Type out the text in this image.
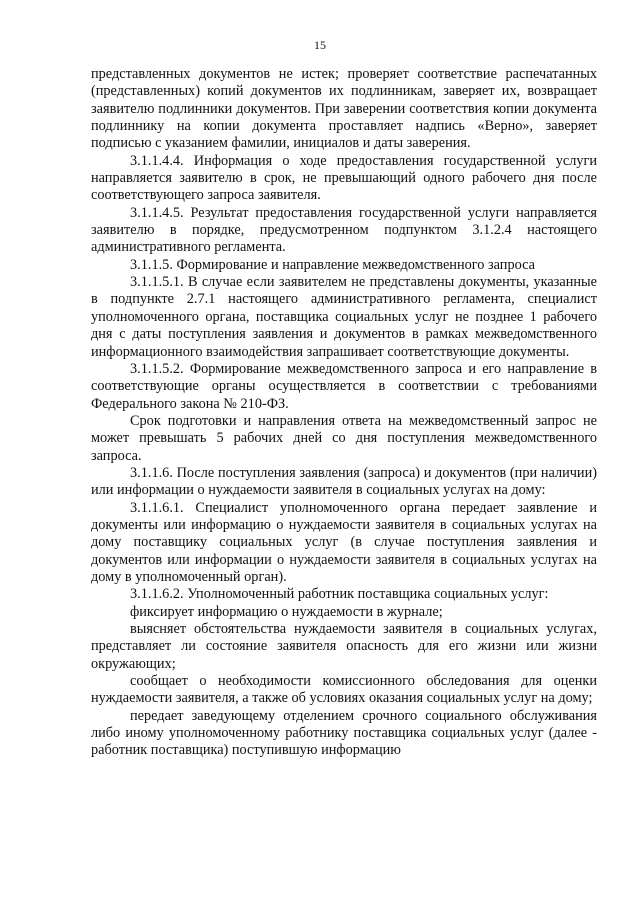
15

представленных документов не истек; проверяет соответствие распечатанных (представленных) копий документов их подлинникам, заверяет их, возвращает заявителю подлинники документов. При заверении соответствия копии документа подлиннику на копии документа проставляет надпись «Верно», заверяет подписью с указанием фамилии, инициалов и даты заверения.

3.1.1.4.4. Информация о ходе предоставления государственной услуги направляется заявителю в срок, не превышающий одного рабочего дня после соответствующего запроса заявителя.

3.1.1.4.5. Результат предоставления государственной услуги направляется заявителю в порядке, предусмотренном подпунктом 3.1.2.4 настоящего административного регламента.

3.1.1.5. Формирование и направление межведомственного запроса

3.1.1.5.1. В случае если заявителем не представлены документы, указанные в подпункте 2.7.1 настоящего административного регламента, специалист уполномоченного органа, поставщика социальных услуг не позднее 1 рабочего дня с даты поступления заявления и документов в рамках межведомственного информационного взаимодействия запрашивает соответствующие документы.

3.1.1.5.2. Формирование межведомственного запроса и его направление в соответствующие органы осуществляется в соответствии с требованиями Федерального закона № 210-ФЗ.

Срок подготовки и направления ответа на межведомственный запрос не может превышать 5 рабочих дней со дня поступления межведомственного запроса.

3.1.1.6. После поступления заявления (запроса) и документов (при наличии) или информации о нуждаемости заявителя в социальных услугах на дому:

3.1.1.6.1. Специалист уполномоченного органа передает заявление и документы или информацию о нуждаемости заявителя в социальных услугах на дому поставщику социальных услуг (в случае поступления заявления и документов или информации о нуждаемости заявителя в социальных услугах на дому в уполномоченный орган).

3.1.1.6.2. Уполномоченный работник поставщика социальных услуг:

фиксирует информацию о нуждаемости в журнале;

выясняет обстоятельства нуждаемости заявителя в социальных услугах, представляет ли состояние заявителя опасность для его жизни или жизни окружающих;

сообщает о необходимости комиссионного обследования для оценки нуждаемости заявителя, а также об условиях оказания социальных услуг на дому;

передает заведующему отделением срочного социального обслуживания либо иному уполномоченному работнику поставщика социальных услуг (далее - работник поставщика) поступившую информацию
